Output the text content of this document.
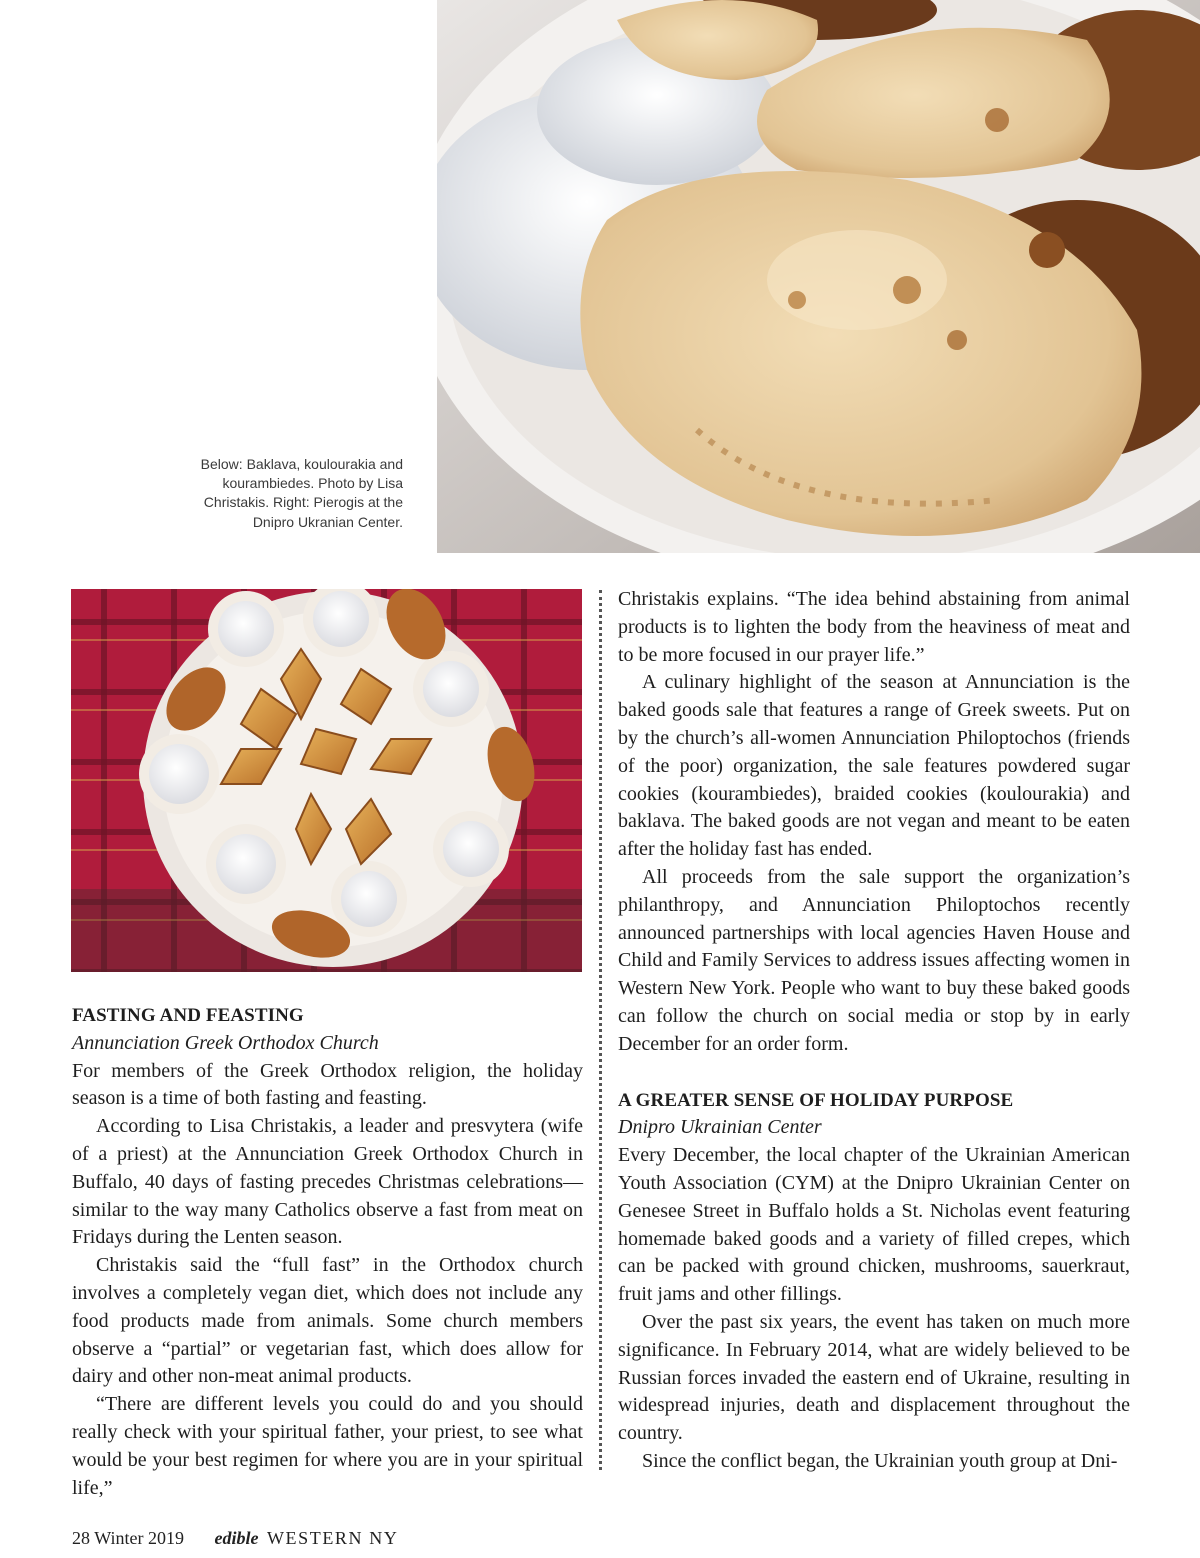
Below: Baklava, koulourakia and kourambiedes. Photo by Lisa Christakis. Right: Pierogis at the Dnipro Ukranian Center.
FASTING AND FEASTING

Annunciation Greek Orthodox Church

For members of the Greek Orthodox religion, the holiday season is a time of both fasting and feasting.

According to Lisa Christakis, a leader and presvytera (wife of a priest) at the Annunciation Greek Orthodox Church in Buffalo, 40 days of fasting precedes Christmas celebrations—similar to the way many Catholics observe a fast from meat on Fridays during the Lenten season.

Christakis said the “full fast” in the Orthodox church involves a completely vegan diet, which does not include any food products made from animals. Some church members observe a “partial” or vegetarian fast, which does allow for dairy and other non-meat animal products.

“There are different levels you could do and you should really check with your spiritual father, your priest, to see what would be your best regimen for where you are in your spiritual life,”

Christakis explains. “The idea behind abstaining from animal products is to lighten the body from the heaviness of meat and to be more focused in our prayer life.”

A culinary highlight of the season at Annunciation is the baked goods sale that features a range of Greek sweets. Put on by the church’s all-women Annunciation Philoptochos (friends of the poor) organization, the sale features powdered sugar cookies (kourambiedes), braided cookies (koulourakia) and baklava. The baked goods are not vegan and meant to be eaten after the holiday fast has ended.

All proceeds from the sale support the organization’s philanthropy, and Annunciation Philoptochos recently announced partnerships with local agencies Haven House and Child and Family Services to address issues affecting women in Western New York. People who want to buy these baked goods can follow the church on social media or stop by in early December for an order form.

A GREATER SENSE OF HOLIDAY PURPOSE

Dnipro Ukrainian Center

Every December, the local chapter of the Ukrainian American Youth Association (CYM) at the Dnipro Ukrainian Center on Genesee Street in Buffalo holds a St. Nicholas event featuring homemade baked goods and a variety of filled crepes, which can be packed with ground chicken, mushrooms, sauerkraut, fruit jams and other fillings.

Over the past six years, the event has taken on much more significance. In February 2014, what are widely believed to be Russian forces invaded the eastern end of Ukraine, resulting in widespread injuries, death and displacement throughout the country.

Since the conflict began, the Ukrainian youth group at Dni-

28 Winter 2019 edible WESTERN NY
